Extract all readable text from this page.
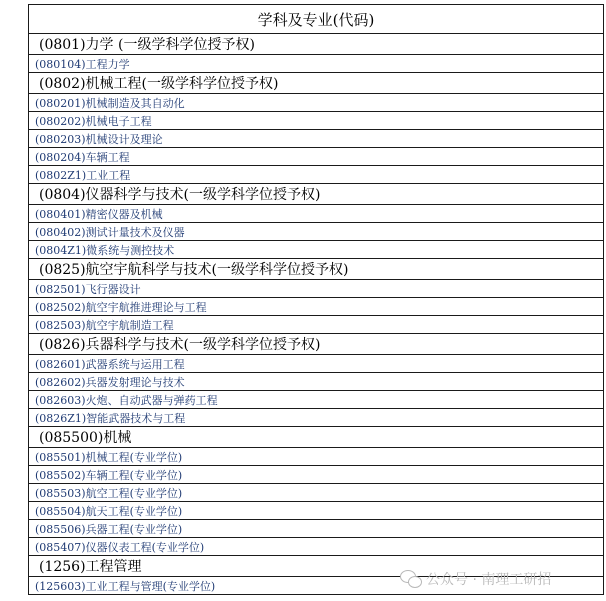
学科及专业(代码)
(0801)力学 (一级学科学位授予权)
(080104)工程力学
(0802)机械工程(一级学科学位授予权)
(080201)机械制造及其自动化
(080202)机械电子工程
(080203)机械设计及理论
(080204)车辆工程
(0802Z1)工业工程
(0804)仪器科学与技术(一级学科学位授予权)
(080401)精密仪器及机械
(080402)测试计量技术及仪器
(0804Z1)微系统与测控技术
(0825)航空宇航科学与技术(一级学科学位授予权)
(082501)飞行器设计
(082502)航空宇航推进理论与工程
(082503)航空宇航制造工程
(0826)兵器科学与技术(一级学科学位授予权)
(082601)武器系统与运用工程
(082602)兵器发射理论与技术
(082603)火炮、自动武器与弹药工程
(0826Z1)智能武器技术与工程
(085500)机械
(085501)机械工程(专业学位)
(085502)车辆工程(专业学位)
(085503)航空工程(专业学位)
(085504)航天工程(专业学位)
(085506)兵器工程(专业学位)
(085407)仪器仪表工程(专业学位)
(1256)工程管理
(125603)工业工程与管理(专业学位)	公众号 · 南理工研招
